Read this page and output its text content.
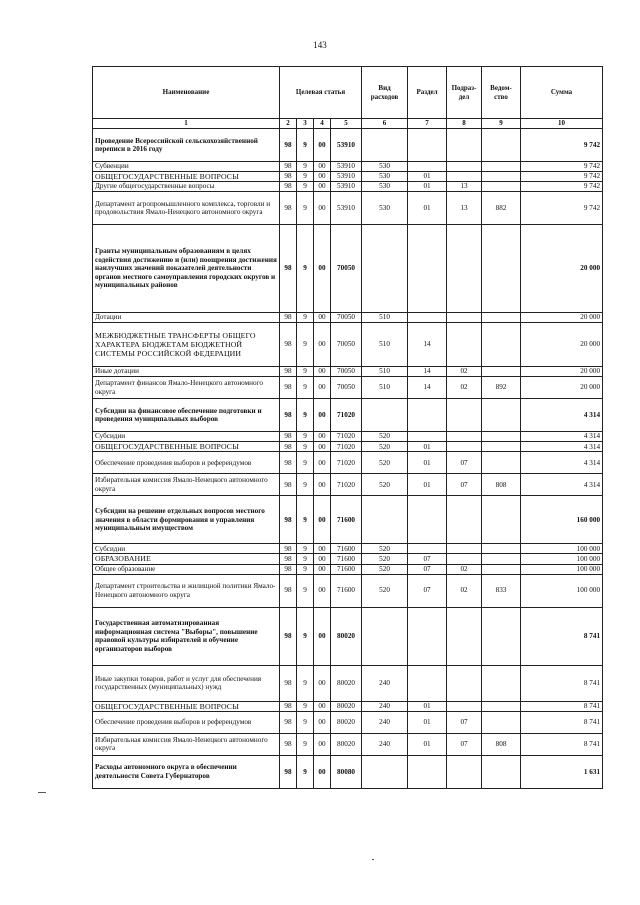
143
Наименование	Целевая статья				Вид расходов	Раздел	Подраз-дел	Ведом-ство	Сумма
1	2	3	4	5	6	7	8	9	10
Проведение Всероссийской сельскохозяйственной переписи в 2016 году	98	9	00	53910					9 742
Субвенции	98	9	00	53910	530				9 742
ОБЩЕГОСУДАРСТВЕННЫЕ ВОПРОСЫ	98	9	00	53910	530	01			9 742
Другие общегосударственные вопросы	98	9	00	53910	530	01	13		9 742
Департамент агропромышленного комплекса, торговли и продовольствия Ямало-Ненецкого автономного округа	98	9	00	53910	530	01	13	882	9 742
Гранты муниципальным образованиям в целях содействия достижению и (или) поощрения достижения наилучших значений показателей деятельности органов местного самоуправления городских округов и муниципальных районов	98	9	00	70050					20 000
Дотации	98	9	00	70050	510				20 000
МЕЖБЮДЖЕТНЫЕ ТРАНСФЕРТЫ ОБЩЕГО ХАРАКТЕРА БЮДЖЕТАМ БЮДЖЕТНОЙ СИСТЕМЫ РОССИЙСКОЙ ФЕДЕРАЦИИ	98	9	00	70050	510	14			20 000
Иные дотации	98	9	00	70050	510	14	02		20 000
Департамент финансов Ямало-Ненецкого автономного округа	98	9	00	70050	510	14	02	892	20 000
Субсидии на финансовое обеспечение подготовки и проведения муниципальных выборов	98	9	00	71020					4 314
Субсидии	98	9	00	71020	520				4 314
ОБЩЕГОСУДАРСТВЕННЫЕ ВОПРОСЫ	98	9	00	71020	520	01			4 314
Обеспечение проведения выборов и референдумов	98	9	00	71020	520	01	07		4 314
Избирательная комиссия Ямало-Ненецкого автономного округа	98	9	00	71020	520	01	07	808	4 314
Субсидии на решение отдельных вопросов местного значения в области формирования и управления муниципальным имуществом	98	9	00	71600					160 000
Субсидии	98	9	00	71600	520				100 000
ОБРАЗОВАНИЕ	98	9	00	71600	520	07			100 000
Общее образование	98	9	00	71600	520	07	02		100 000
Департамент строительства и жилищной политики Ямало-Ненецкого автономного округа	98	9	00	71600	520	07	02	833	100 000
Государственная автоматизированная информационная система "Выборы", повышение правовой культуры избирателей и обучение организаторов выборов	98	9	00	80020					8 741
Иные закупки товаров, работ и услуг для обеспечения государственных (муниципальных) нужд	98	9	00	80020	240				8 741
ОБЩЕГОСУДАРСТВЕННЫЕ ВОПРОСЫ	98	9	00	80020	240	01			8 741
Обеспечение проведения выборов и референдумов	98	9	00	80020	240	01	07		8 741
Избирательная комиссия Ямало-Ненецкого автономного округа	98	9	00	80020	240	01	07	808	8 741
Расходы автономного округа в обеспечении деятельности Совета Губернаторов	98	9	00	80080					1 631
